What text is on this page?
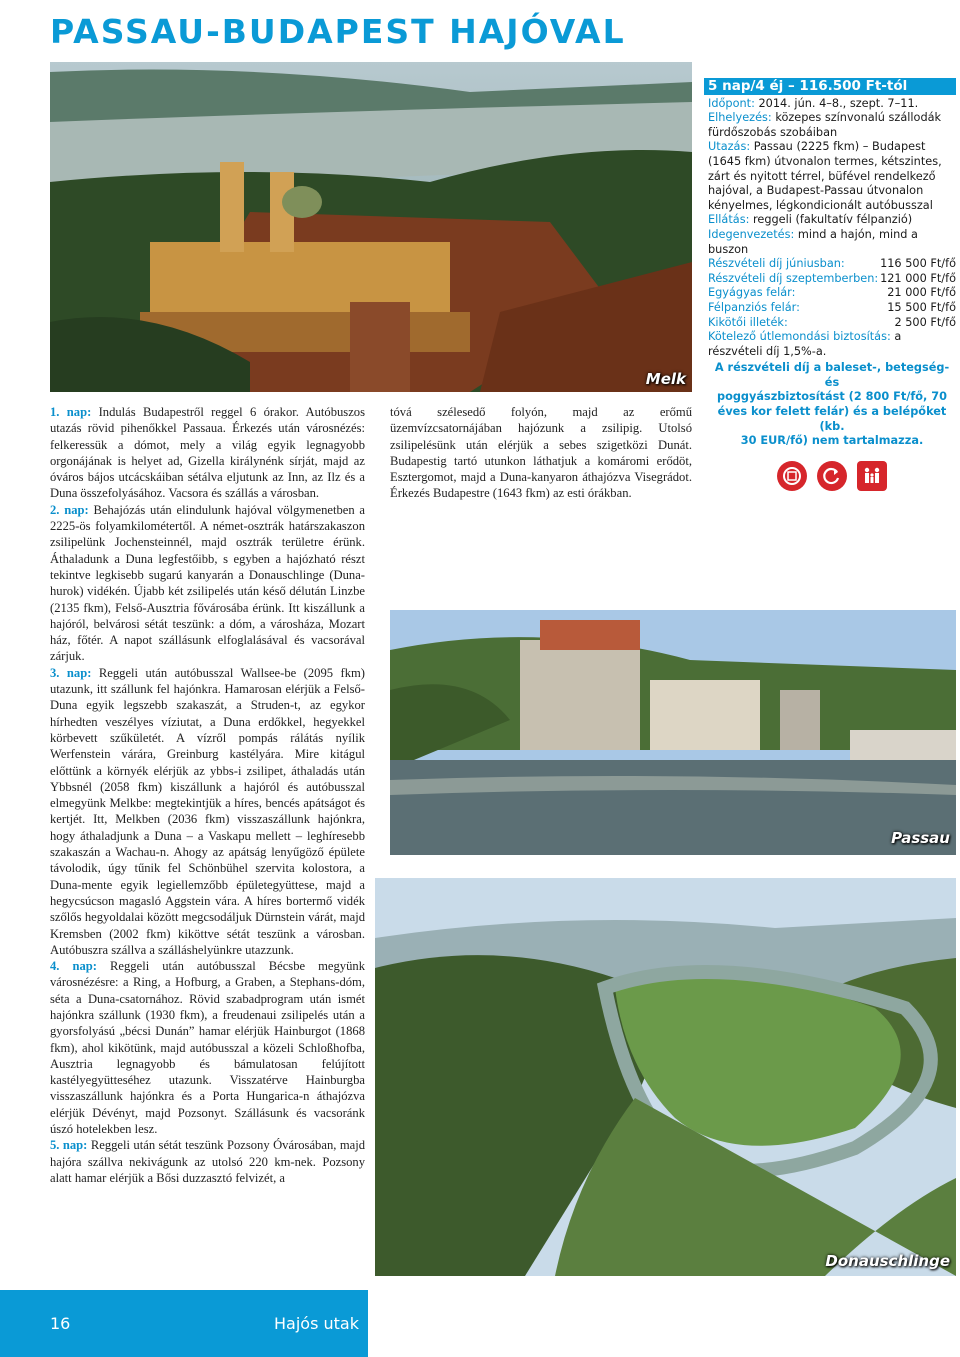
PASSAU-BUDAPEST HAJÓVAL
Melk

1. nap: Indulás Budapestről reggel 6 órakor. Autóbuszos utazás rövid pihenőkkel Passaua. Érkezés után városnézés: felkeressük a dómot, mely a világ egyik legnagyobb orgonájának is helyet ad, Gizella királynénk sírját, majd az óváros bájos utcácskáiban sétálva eljutunk az Inn, az Ilz és a Duna összefolyásához. Vacsora és szállás a városban.

2. nap: Behajózás után elindulunk hajóval völgymenetben a 2225-ös folyamkilométertől. A német-osztrák határszakaszon zsilipelünk Jochensteinnél, majd osztrák területre érünk. Áthaladunk a Duna legfestőibb, s egyben a hajózható részt tekintve legkisebb sugarú kanyarán a Donauschlinge (Duna-hurok) vidékén. Újabb két zsilipelés után késő délután Linzbe (2135 fkm), Felső-Ausztria fővárosába érünk. Itt kiszállunk a hajóról, belvárosi sétát teszünk: a dóm, a városháza, Mozart ház, főtér. A napot szállásunk elfoglalásával és vacsorával zárjuk.

3. nap: Reggeli után autóbusszal Wallsee-be (2095 fkm) utazunk, itt szállunk fel hajónkra. Hamarosan elérjük a Felső-Duna egyik legszebb szakaszát, a Struden-t, az egykor hírhedten veszélyes víziutat, a Duna erdőkkel, hegyekkel körbevett szűkületét. A vízről pompás rálátás nyílik Werfenstein várára, Greinburg kastélyára. Mire kitágul előttünk a környék elérjük az ybbs-i zsilipet, áthaladás után Ybbsnél (2058 fkm) kiszállunk a hajóról és autóbusszal elmegyünk Melkbe: megtekintjük a híres, bencés apátságot és kertjét. Itt, Melkben (2036 fkm) visszaszállunk hajónkra, hogy áthaladjunk a Duna – a Vaskapu mellett – leghíresebb szakaszán a Wachau-n. Ahogy az apátság lenyűgöző épülete távolodik, úgy tűnik fel Schönbühel szervita kolostora, a Duna-mente egyik legiellemzőbb épületegyüttese, majd a hegycsúcson magasló Aggstein vára. A híres bortermő vidék szőlős hegyoldalai között megcsodáljuk Dürnstein várát, majd Kremsben (2002 fkm) kiköttve sétát teszünk a városban. Autóbuszra szállva a szálláshelyünkre utazzunk.

4. nap: Reggeli után autóbusszal Bécsbe megyünk városnézésre: a Ring, a Hofburg, a Graben, a Stephans-dóm, séta a Duna-csatornához. Rövid szabadprogram után ismét hajónkra szállunk (1930 fkm), a freudenaui zsilipelés után a gyorsfolyású „bécsi Dunán” hamar elérjük Hainburgot (1868 fkm), ahol kikötünk, majd autóbusszal a közeli Schloßhofba, Ausztria legnagyobb és bámulatosan felújított kastélyegyütteséhez utazunk. Visszatérve Hainburgba visszaszállunk hajónkra és a Porta Hungarica-n áthajózva elérjük Dévényt, majd Pozsonyt. Szállásunk és vacsoránk úszó hotelekben lesz.

5. nap: Reggeli után sétát teszünk Pozsony Óvárosában, majd hajóra szállva nekivágunk az utolsó 220 km-nek. Pozsony alatt hamar elérjük a Bősi duzzasztó felvizét, a

tóvá szélesedő folyón, majd az erőmű üzemvízcsatornájában hajózunk a zsilipig. Utolsó zsilipelésünk után elérjük a sebes szigetközi Dunát. Budapestig tartó utunkon láthatjuk a komáromi erődöt, Esztergomot, majd a Duna-kanyaron áthajózva Visegrádot. Érkezés Budapestre (1643 fkm) az esti órákban.

Passau
Donauschlinge
5 nap/4 éj – 116.500 Ft-tól
Időpont: 2014. jún. 4–8., szept. 7–11.
Elhelyezés: közepes színvonalú szállodák fürdőszobás szobáiban
Utazás: Passau (2225 fkm) – Budapest (1645 fkm) útvonalon termes, kétszintes, zárt és nyitott térrel, büfével rendelkező hajóval, a Budapest-Passau útvonalon kényelmes, légkondicionált autóbusszal
Ellátás: reggeli (fakultatív félpanzió)
Idegenvezetés: mind a hajón, mind a buszon
Részvételi díj júniusban:	116 500 Ft/fő
Részvételi díj szeptemberben: 121 000 Ft/fő
Egyágyas felár:	21 000 Ft/fő
Félpanziós felár:	15 500 Ft/fő
Kikötői illeték:	2 500 Ft/fő
Kötelező útlemondási biztosítás: a részvételi díj 1,5%-a.
A részvételi díj a baleset-, betegség- és
poggyászbiztosítást (2 800 Ft/fő, 70
éves kor felett felár) és a belépőket (kb.
30 EUR/fő) nem tartalmazza.
16	Hajós utak
